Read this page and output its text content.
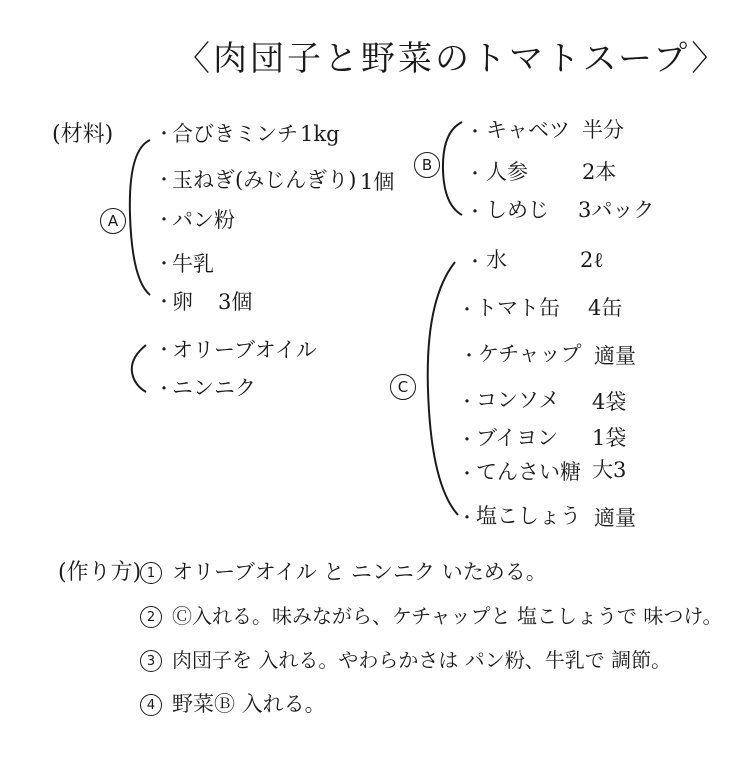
〈肉団子と野菜のトマトスープ〉
(材料)
A
・ 合びきミンチ 1kg
・ 玉ねぎ(みじんぎり) 1個
・ パン粉
・ 牛乳
・ 卵 3個
・ オリーブオイル
・ ニンニク
B
・ キャベツ 半分
・ 人参	2本
・ しめじ 3パック
C
・ 水	2ℓ
・ トマト缶 4缶
・ ケチャップ 適量
・ コンソメ 4袋
・ ブイヨン 1袋
・ てんさい糖 大3
・ 塩こしょう 適量
(作り方) 1 オリーブオイル と ニンニク いためる。
2 Ⓒ入れる。味みながら、ケチャップと 塩こしょうで 味つけ。
3 肉団子を 入れる。やわらかさは パン粉、牛乳で 調節。
4 野菜Ⓑ 入れる。
